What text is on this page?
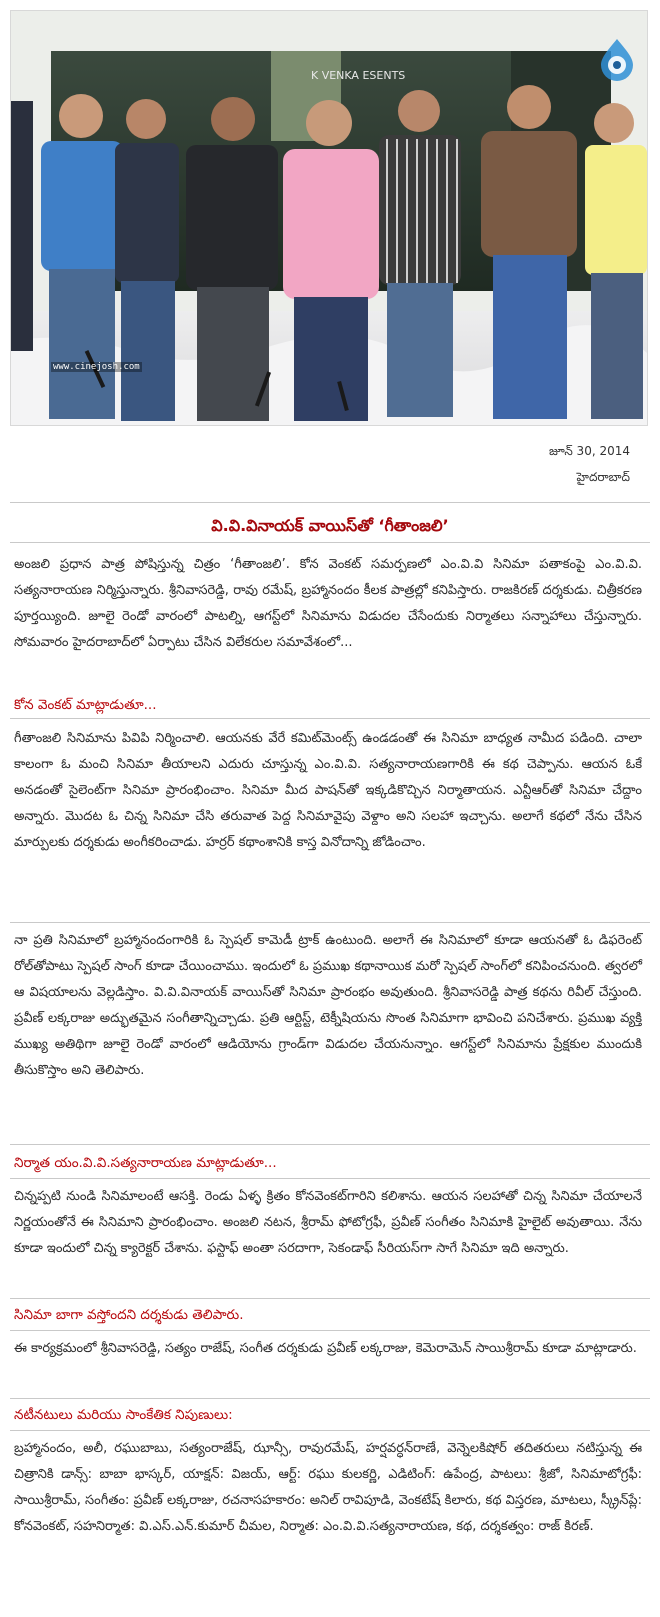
K VENKA ESENTS
www.cinejosh.com
జూన్ 30, 2014
హైదరాబాద్
వి.వి.వినాయక్ వాయిస్‌తో ‘గీతాంజలి’

అంజలి ప్రధాన పాత్ర పోషిస్తున్న చిత్రం ‘గీతాంజలి’. కోన వెంకట్ సమర్పణలో ఎం.వి.వి సినిమా పతాకంపై ఎం.వి.వి. సత్యనారాయణ నిర్మిస్తున్నారు. శ్రీనివాసరెడ్డి, రావు రమేష్, బ్రహ్మానందం కీలక పాత్రల్లో కనిపిస్తారు. రాజకిరణ్ దర్శకుడు. చిత్రీకరణ పూర్తయ్యింది. జూలై రెండో వారంలో పాటల్ని, ఆగస్ట్‌లో సినిమాను విడుదల చేసేందుకు నిర్మాతలు సన్నాహాలు చేస్తున్నారు. సోమవారం హైదరాబాద్‌లో ఏర్పాటు చేసిన విలేకరుల సమావేశంలో...

కోన వెంకట్ మాట్లాడుతూ...

గీతాంజలి సినిమాను పివిపి నిర్మించాలి. ఆయనకు వేరే కమిట్‌మెంట్స్ ఉండడంతో ఈ సినిమా బాధ్యత నామీద పడింది. చాలా కాలంగా ఓ మంచి సినిమా తీయాలని ఎదురు చూస్తున్న ఎం.వి.వి. సత్యనారాయణగారికి ఈ కథ చెప్పాను. ఆయన ఓకే అనడంతో సైలెంట్‌గా సినిమా ప్రారంభించాం. సినిమా మీద పాషన్‌తో ఇక్కడికొచ్చిన నిర్మాతాయన. ఎన్టీఆర్‌తో సినిమా చేద్దాం అన్నారు. మొదట ఓ చిన్న సినిమా చేసి తరువాత పెద్ద సినిమావైపు వెళ్దాం అని సలహా ఇచ్చాను. అలాగే కథలో నేను చేసిన మార్పులకు దర్శకుడు అంగీకరించాడు. హర్రర్ కథాంశానికి కాస్త వినోదాన్ని జోడించాం.

నా ప్రతి సినిమాలో బ్రహ్మానందంగారికి ఓ స్పెషల్ కామెడీ ట్రాక్ ఉంటుంది. అలాగే ఈ సినిమాలో కూడా ఆయనతో ఓ డిఫరెంట్ రోల్‌తోపాటు స్పెషల్ సాంగ్ కూడా చేయించాము. ఇందులో ఓ ప్రముఖ కథానాయిక మరో స్పెషల్ సాంగ్‌లో కనిపించనుంది. త్వరలో ఆ విషయాలను వెల్లడిస్తాం. వి.వి.వినాయక్ వాయిస్‌తో సినిమా ప్రారంభం అవుతుంది. శ్రీనివాసరెడ్డి పాత్ర కథను రివీల్ చేస్తుంది. ప్రవీణ్ లక్కరాజు అద్భుతమైన సంగీతాన్నిచ్చాడు. ప్రతి ఆర్టిస్ట్, టెక్నీషియను సొంత సినిమాగా భావించి పనిచేశారు. ప్రముఖ వ్యక్తి ముఖ్య అతిథిగా జూలై రెండో వారంలో ఆడియోను గ్రాండ్‌గా విడుదల చేయనున్నాం. ఆగస్ట్‌లో సినిమాను ప్రేక్షకుల ముందుకి తీసుకొస్తాం అని తెలిపారు.

నిర్మాత యం.వి.వి.సత్యనారాయణ మాట్లాడుతూ...

చిన్నప్పటి నుండి సినిమాలంటే ఆసక్తి. రెండు ఏళ్ళ క్రితం కోనవెంకట్‌గారిని కలిశాను. ఆయన సలహాతో చిన్న సినిమా చేయాలనే నిర్ణయంతోనే ఈ సినిమాని ప్రారంభించాం. అంజలి నటన, శ్రీరామ్ ఫోటోగ్రఫీ, ప్రవీణ్ సంగీతం సినిమాకి హైలైట్ అవుతాయి. నేను కూడా ఇందులో చిన్న క్యారెక్టర్ చేశాను. ఫస్టాఫ్ అంతా సరదాగా, సెకండాఫ్ సీరియస్‌గా సాగే సినిమా ఇది అన్నారు.

సినిమా బాగా వస్తోందని దర్శకుడు తెలిపారు.

ఈ కార్యక్రమంలో శ్రీనివాసరెడ్డి, సత్యం రాజేష్, సంగీత దర్శకుడు ప్రవీణ్ లక్కరాజు, కెమెరామెన్ సాయిశ్రీరామ్ కూడా మాట్లాడారు.

నటీనటులు మరియు సాంకేతిక నిపుణులు:

బ్రహ్మానందం, అలీ, రఘుబాబు, సత్యంరాజేష్, ఝాన్సీ, రావురమేష్, హర్షవర్ధన్‌రాణే, వెన్నెలకిషోర్ తదితరులు నటిస్తున్న ఈ చిత్రానికి డాన్స్: బాబా భాస్కర్, యాక్షన్: విజయ్, ఆర్ట్: రఘు కులకర్ణి, ఎడిటింగ్: ఉపేంద్ర, పాటలు: శ్రీజో, సినిమాటోగ్రఫీ: సాయిశ్రీరామ్, సంగీతం: ప్రవీణ్ లక్కరాజు, రచనాసహకారం: అనిల్ రావిపూడి, వెంకటేష్ కిలారు, కథ విస్తరణ, మాటలు, స్క్రీన్‌ప్లే: కోనవెంకట్, సహనిర్మాత: వి.ఎస్.ఎన్.కుమార్ చీమల, నిర్మాత: ఎం.వి.వి.సత్యనారాయణ, కథ, దర్శకత్వం: రాజ్ కిరణ్.
